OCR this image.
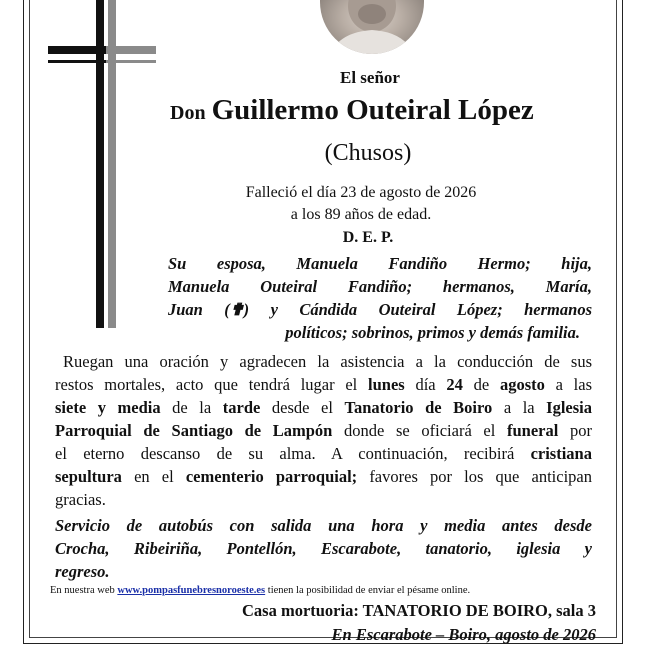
El señor
Don Guillermo Outeiral López
(Chusos)
Falleció el día 23 de agosto de 2026
a los 89 años de edad.
D. E. P.
Su esposa, Manuela Fandiño Hermo; hija,
Manuela Outeiral Fandiño; hermanos, María,
Juan (✟) y Cándida Outeiral López; hermanos
políticos; sobrinos, primos y demás familia.
Ruegan una oración y agradecen la asistencia a la conducción de sus
restos mortales, acto que tendrá lugar el lunes día 24 de agosto a las
siete y media de la tarde desde el Tanatorio de Boiro a la Iglesia
Parroquial de Santiago de Lampón donde se oficiará el funeral por
el eterno descanso de su alma. A continuación, recibirá cristiana
sepultura en el cementerio parroquial; favores por los que anticipan
gracias.
Servicio de autobús con salida una hora y media antes desde
Crocha, Ribeiriña, Pontellón, Escarabote, tanatorio, iglesia y
regreso.
En nuestra web www.pompasfunebresnoroeste.es tienen la posibilidad de enviar el pésame online.
Casa mortuoria: TANATORIO DE BOIRO, sala 3
En Escarabote – Boiro, agosto de 2026
